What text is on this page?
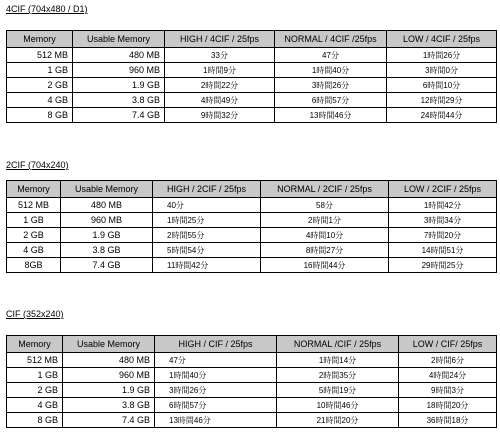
4CIF (704x480 / D1)
Memory	Usable Memory	HIGH / 4CIF / 25fps	NORMAL / 4CIF /25fps	LOW / 4CIF / 25fps
512 MB	480 MB	33分	47分	1時間26分
1 GB	960 MB	1時間9分	1時間40分	3時間0分
2 GB	1.9 GB	2時間22分	3時間26分	6時間10分
4 GB	3.8 GB	4時間49分	6時間57分	12時間29分
8 GB	7.4 GB	9時間32分	13時間46分	24時間44分
2CIF (704x240)
Memory	Usable Memory	HIGH / 2CIF / 25fps	NORMAL / 2CIF / 25fps	LOW / 2CIF / 25fps
512 MB	480 MB	40分	58分	1時間42分
1 GB	960 MB	1時間25分	2時間1分	3時間34分
2 GB	1.9 GB	2時間55分	4時間10分	7時間20分
4 GB	3.8 GB	5時間54分	8時間27分	14時間51分
8GB	7.4 GB	11時間42分	16時間44分	29時間25分
CIF (352x240)
Memory	Usable Memory	HIGH / CIF / 25fps	NORMAL /CIF / 25fps	LOW / CIF/ 25fps
512 MB	480 MB	47分	1時間14分	2時間6分
1 GB	960 MB	1時間40分	2時間35分	4時間24分
2 GB	1.9 GB	3時間26分	5時間19分	9時間3分
4 GB	3.8 GB	6時間57分	10時間46分	18時間20分
8 GB	7.4 GB	13時間46分	21時間20分	36時間18分
